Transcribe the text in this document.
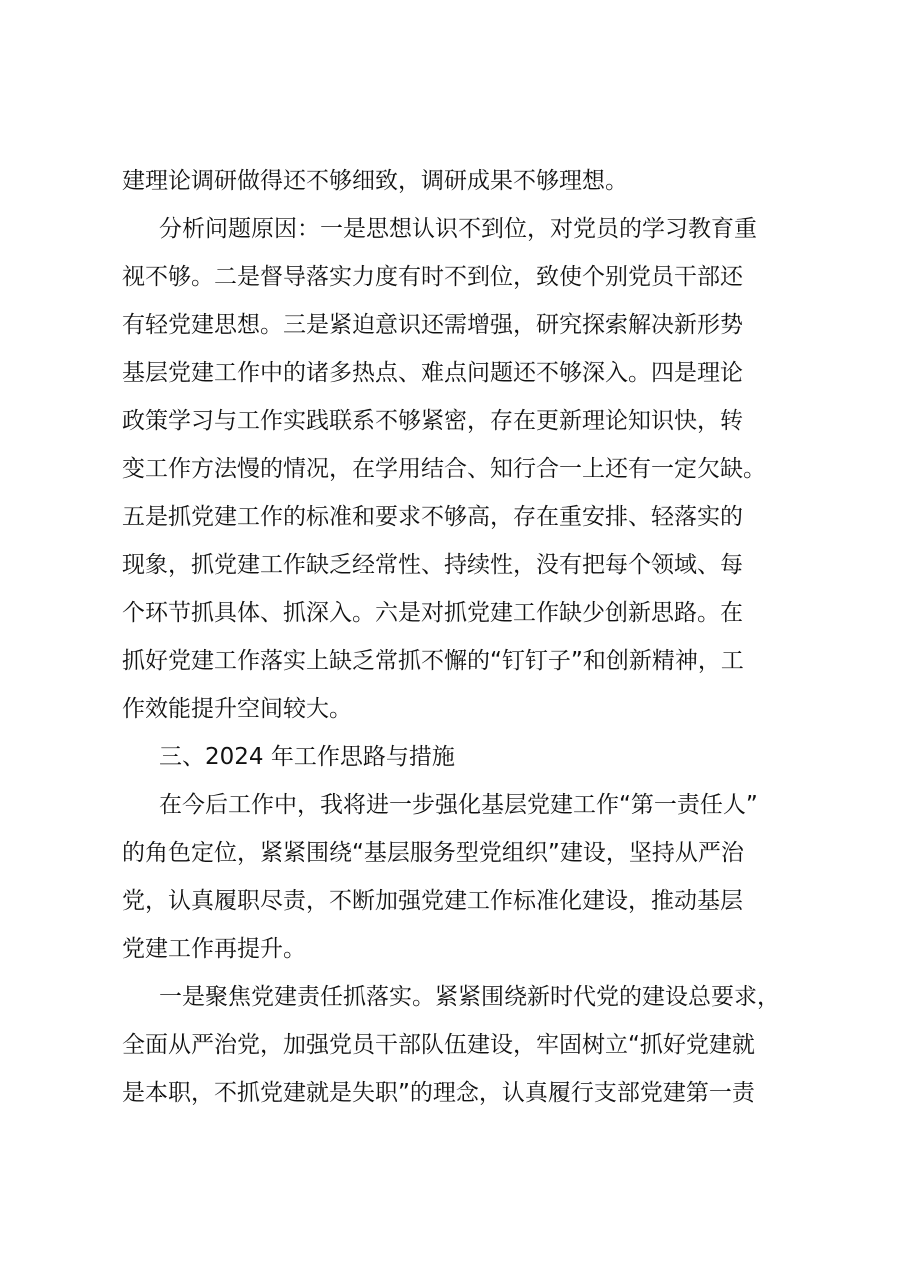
建理论调研做得还不够细致，调研成果不够理想。
分析问题原因：一是思想认识不到位，对党员的学习教育重
视不够。二是督导落实力度有时不到位，致使个别党员干部还
有轻党建思想。三是紧迫意识还需增强，研究探索解决新形势
基层党建工作中的诸多热点、难点问题还不够深入。四是理论
政策学习与工作实践联系不够紧密，存在更新理论知识快，转
变工作方法慢的情况，在学用结合、知行合一上还有一定欠缺。
五是抓党建工作的标准和要求不够高，存在重安排、轻落实的
现象，抓党建工作缺乏经常性、持续性，没有把每个领域、每
个环节抓具体、抓深入。六是对抓党建工作缺少创新思路。在
抓好党建工作落实上缺乏常抓不懈的“钉钉子”和创新精神，工
作效能提升空间较大。
三、2024 年工作思路与措施
在今后工作中，我将进一步强化基层党建工作“第一责任人”
的角色定位，紧紧围绕“基层服务型党组织”建设，坚持从严治
党，认真履职尽责，不断加强党建工作标准化建设，推动基层
党建工作再提升。
一是聚焦党建责任抓落实。紧紧围绕新时代党的建设总要求，
全面从严治党，加强党员干部队伍建设，牢固树立“抓好党建就
是本职，不抓党建就是失职”的理念，认真履行支部党建第一责
